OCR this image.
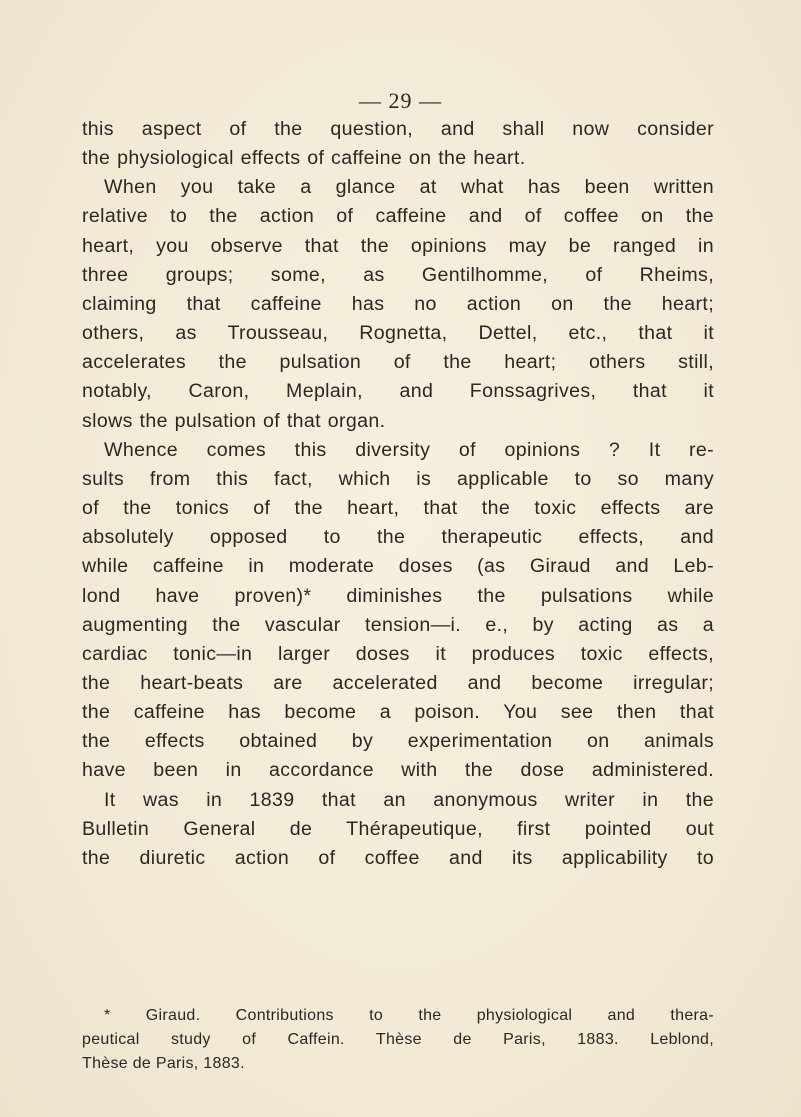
— 29 —
this aspect of the question, and shall now consider
the physiological effects of caffeine on the heart.
When you take a glance at what has been written
relative to the action of caffeine and of coffee on the
heart, you observe that the opinions may be ranged in
three groups; some, as Gentilhomme, of Rheims,
claiming that caffeine has no action on the heart;
others, as Trousseau, Rognetta, Dettel, etc., that it
accelerates the pulsation of the heart; others still,
notably, Caron, Meplain, and Fonssagrives, that it
slows the pulsation of that organ.
Whence comes this diversity of opinions ? It re-
sults from this fact, which is applicable to so many
of the tonics of the heart, that the toxic effects are
absolutely opposed to the therapeutic effects, and
while caffeine in moderate doses (as Giraud and Leb-
lond have proven)* diminishes the pulsations while
augmenting the vascular tension—i. e., by acting as a
cardiac tonic—in larger doses it produces toxic effects,
the heart-beats are accelerated and become irregular;
the caffeine has become a poison. You see then that
the effects obtained by experimentation on animals
have been in accordance with the dose administered.
It was in 1839 that an anonymous writer in the
Bulletin General de Thérapeutique, first pointed out
the diuretic action of coffee and its applicability to
* Giraud. Contributions to the physiological and thera-
peutical study of Caffein. Thèse de Paris, 1883. Leblond,
Thèse de Paris, 1883.
